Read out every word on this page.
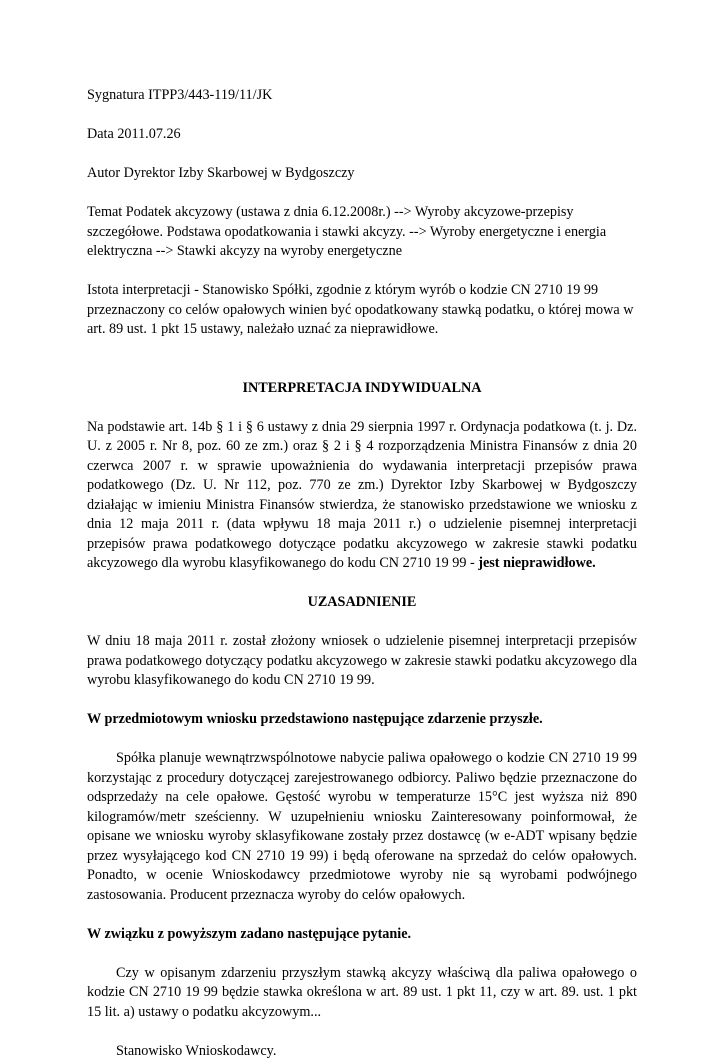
Sygnatura ITPP3/443-119/11/JK

Data 2011.07.26

Autor Dyrektor Izby Skarbowej w Bydgoszczy

Temat Podatek akcyzowy (ustawa z dnia 6.12.2008r.) --> Wyroby akcyzowe-przepisy szczegółowe. Podstawa opodatkowania i stawki akcyzy. --> Wyroby energetyczne i energia elektryczna --> Stawki akcyzy na wyroby energetyczne

Istota interpretacji - Stanowisko Spółki, zgodnie z którym wyrób o kodzie CN 2710 19 99 przeznaczony co celów opałowych winien być opodatkowany stawką podatku, o której mowa w art. 89 ust. 1 pkt 15 ustawy, należało uznać za nieprawidłowe.

INTERPRETACJA INDYWIDUALNA

Na podstawie art. 14b § 1 i § 6 ustawy z dnia 29 sierpnia 1997 r. Ordynacja podatkowa (t. j. Dz. U. z 2005 r. Nr 8, poz. 60 ze zm.) oraz § 2 i § 4 rozporządzenia Ministra Finansów z dnia 20 czerwca 2007 r. w sprawie upoważnienia do wydawania interpretacji przepisów prawa podatkowego (Dz. U. Nr 112, poz. 770 ze zm.) Dyrektor Izby Skarbowej w Bydgoszczy działając w imieniu Ministra Finansów stwierdza, że stanowisko przedstawione we wniosku z dnia 12 maja 2011 r. (data wpływu 18 maja 2011 r.) o udzielenie pisemnej interpretacji przepisów prawa podatkowego dotyczące podatku akcyzowego w zakresie stawki podatku akcyzowego dla wyrobu klasyfikowanego do kodu CN 2710 19 99 - jest nieprawidłowe.

UZASADNIENIE

W dniu 18 maja 2011 r. został złożony wniosek o udzielenie pisemnej interpretacji przepisów prawa podatkowego dotyczący podatku akcyzowego w zakresie stawki podatku akcyzowego dla wyrobu klasyfikowanego do kodu CN 2710 19 99.

W przedmiotowym wniosku przedstawiono następujące zdarzenie przyszłe.

Spółka planuje wewnątrzwspólnotowe nabycie paliwa opałowego o kodzie CN 2710 19 99 korzystając z procedury dotyczącej zarejestrowanego odbiorcy. Paliwo będzie przeznaczone do odsprzedaży na cele opałowe. Gęstość wyrobu w temperaturze 15°C jest wyższa niż 890 kilogramów/metr sześcienny. W uzupełnieniu wniosku Zainteresowany poinformował, że opisane we wniosku wyroby sklasyfikowane zostały przez dostawcę (w e-ADT wpisany będzie przez wysyłającego kod CN 2710 19 99) i będą oferowane na sprzedaż do celów opałowych. Ponadto, w ocenie Wnioskodawcy przedmiotowe wyroby nie są wyrobami podwójnego zastosowania. Producent przeznacza wyroby do celów opałowych.

W związku z powyższym zadano następujące pytanie.

Czy w opisanym zdarzeniu przyszłym stawką akcyzy właściwą dla paliwa opałowego o kodzie CN 2710 19 99 będzie stawka określona w art. 89 ust. 1 pkt 11, czy w art. 89. ust. 1 pkt 15 lit. a) ustawy o podatku akcyzowym...

Stanowisko Wnioskodawcy.
